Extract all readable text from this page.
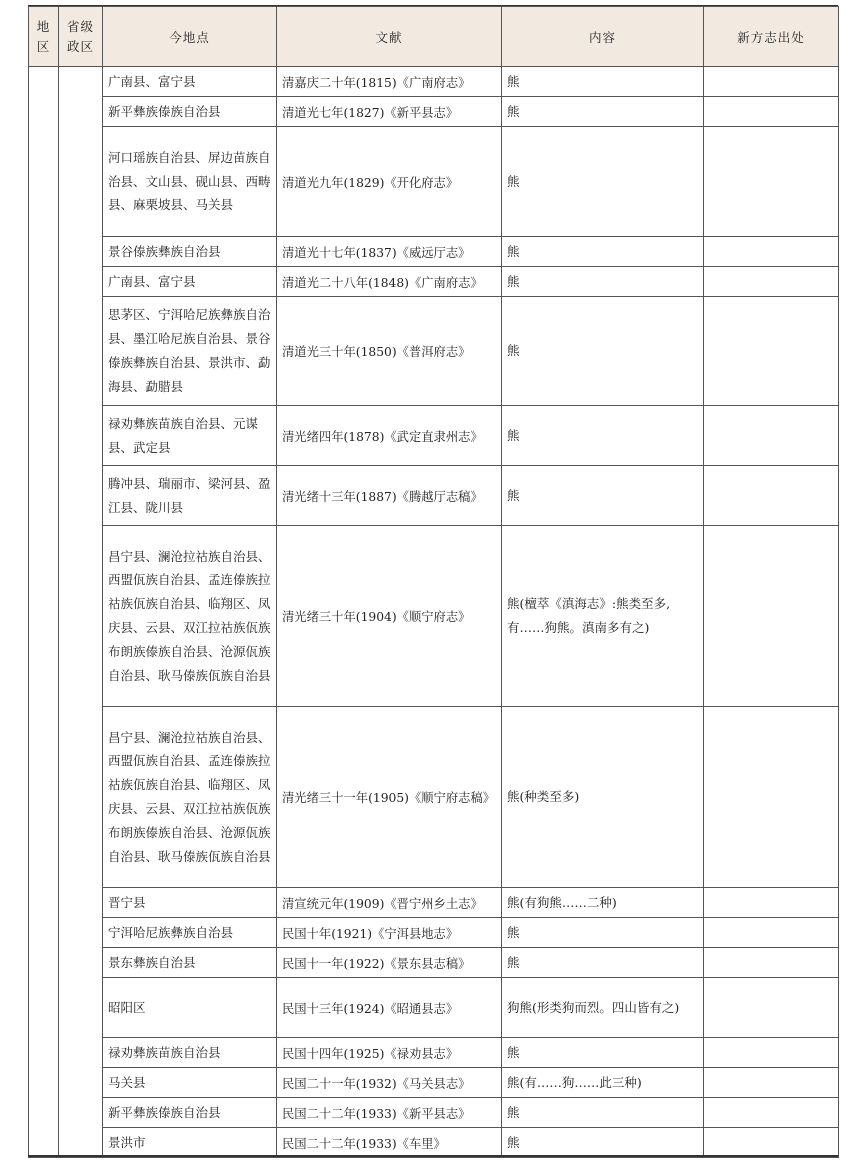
地区	省级政区	今地点	文献	内容	新方志出处
		广南县、富宁县	清嘉庆二十年(1815)《广南府志》	熊	
		新平彝族傣族自治县	清道光七年(1827)《新平县志》	熊	
		河口瑶族自治县、屏边苗族自治县、文山县、砚山县、西畴县、麻栗坡县、马关县	清道光九年(1829)《开化府志》	熊	
		景谷傣族彝族自治县	清道光十七年(1837)《威远厅志》	熊	
		广南县、富宁县	清道光二十八年(1848)《广南府志》	熊	
		思茅区、宁洱哈尼族彝族自治县、墨江哈尼族自治县、景谷傣族彝族自治县、景洪市、勐海县、勐腊县	清道光三十年(1850)《普洱府志》	熊	
		禄劝彝族苗族自治县、元谋县、武定县	清光绪四年(1878)《武定直隶州志》	熊	
		腾冲县、瑞丽市、梁河县、盈江县、陇川县	清光绪十三年(1887)《腾越厅志稿》	熊	
		昌宁县、澜沧拉祜族自治县、西盟佤族自治县、孟连傣族拉祜族佤族自治县、临翔区、凤庆县、云县、双江拉祜族佤族布朗族傣族自治县、沧源佤族自治县、耿马傣族佤族自治县	清光绪三十年(1904)《顺宁府志》	熊(檀萃《滇海志》:熊类至多,有……狗熊。滇南多有之)	
		昌宁县、澜沧拉祜族自治县、西盟佤族自治县、孟连傣族拉祜族佤族自治县、临翔区、凤庆县、云县、双江拉祜族佤族布朗族傣族自治县、沧源佤族自治县、耿马傣族佤族自治县	清光绪三十一年(1905)《顺宁府志稿》	熊(种类至多)	
		晋宁县	清宣统元年(1909)《晋宁州乡土志》	熊(有狗熊……二种)	
		宁洱哈尼族彝族自治县	民国十年(1921)《宁洱县地志》	熊	
		景东彝族自治县	民国十一年(1922)《景东县志稿》	熊	
		昭阳区	民国十三年(1924)《昭通县志》	狗熊(形类狗而烈。四山皆有之)	
		禄劝彝族苗族自治县	民国十四年(1925)《禄劝县志》	熊	
		马关县	民国二十一年(1932)《马关县志》	熊(有……狗……此三种)	
		新平彝族傣族自治县	民国二十二年(1933)《新平县志》	熊	
		景洪市	民国二十二年(1933)《车里》	熊	
